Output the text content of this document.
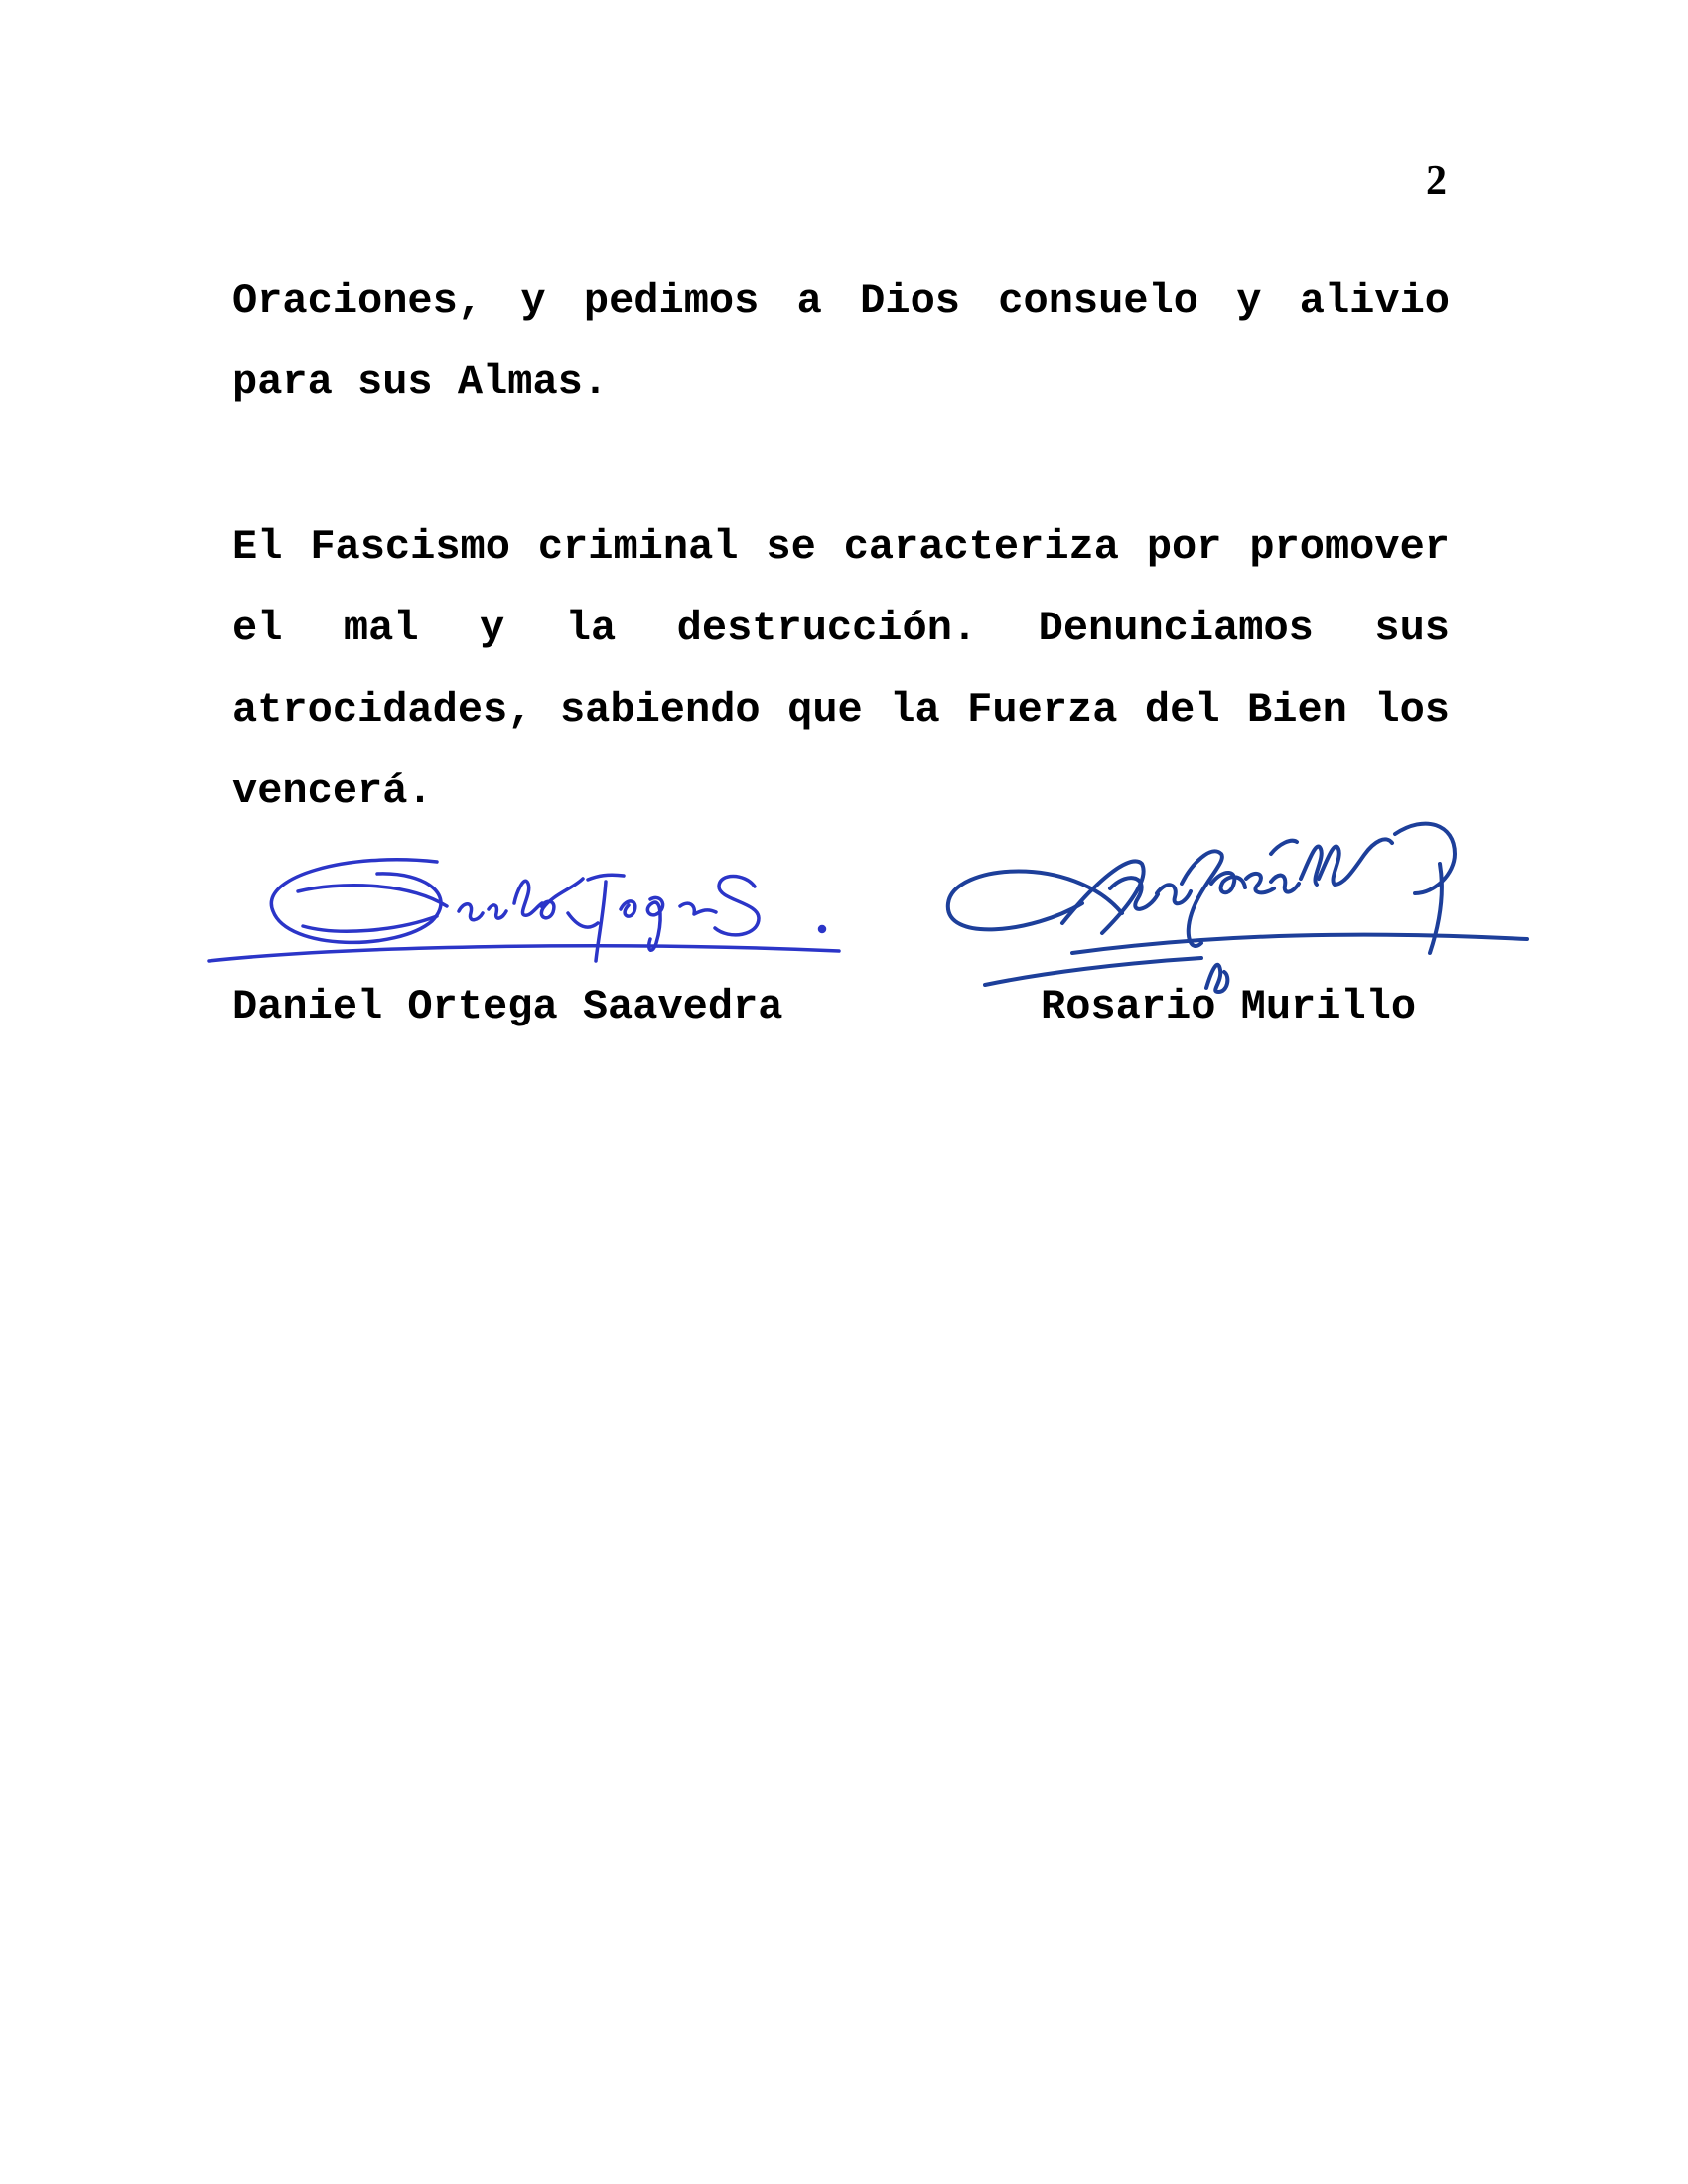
2

Oraciones, y pedimos a Dios consuelo y alivio para sus Almas.

El Fascismo criminal se caracteriza por promover el mal y la destrucción. Denunciamos sus atrocidades, sabiendo que la Fuerza del Bien los vencerá.

Daniel Ortega Saavedra	Rosario Murillo
